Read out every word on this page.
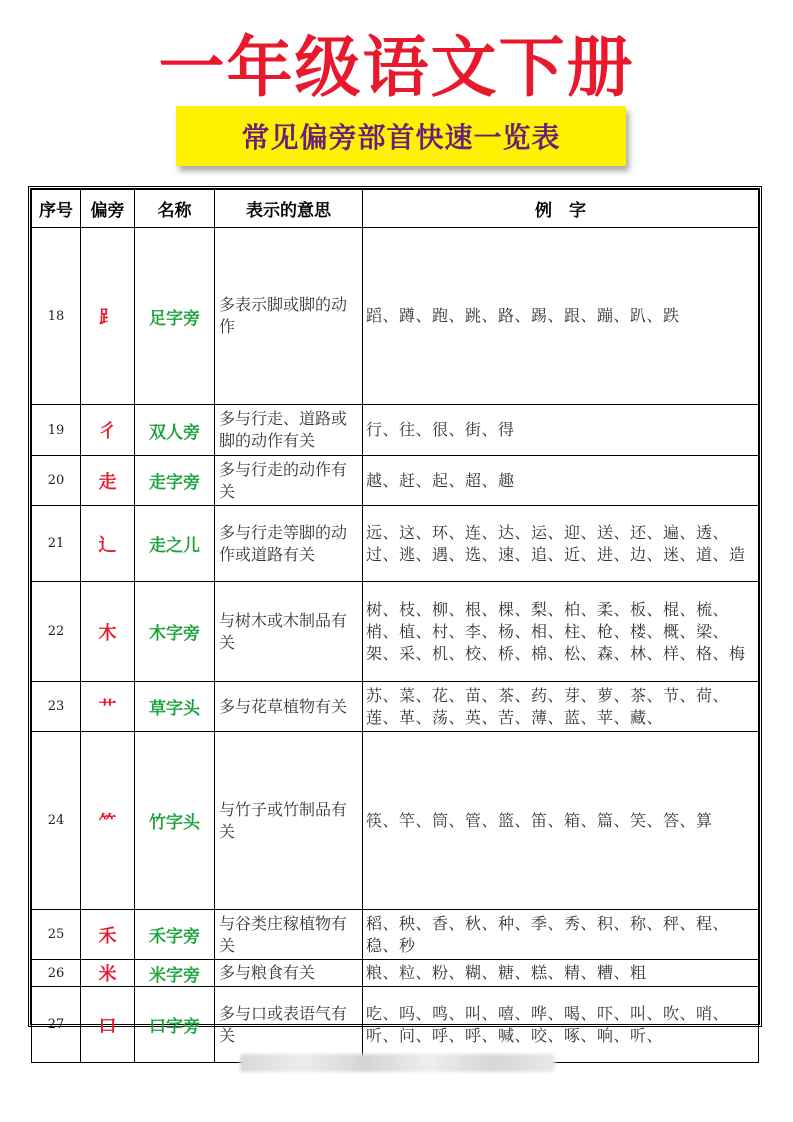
一年级语文下册
常见偏旁部首快速一览表
序号	偏旁	名称	表示的意思	例　字
18	⻊	足字旁	多表示脚或脚的动作	蹈、蹲、跑、跳、路、踢、跟、蹦、趴、跌
19	彳	双人旁	多与行走、道路或脚的动作有关	行、往、很、街、得
20	走	走字旁	多与行走的动作有关	越、赶、起、超、趣
21	辶	走之儿	多与行走等脚的动作或道路有关	远、这、环、连、达、运、迎、送、还、遍、透、过、逃、遇、选、速、追、近、进、边、迷、道、造
22	木	木字旁	与树木或木制品有关	树、枝、柳、根、棵、梨、柏、柔、板、棍、梳、梢、植、村、李、杨、相、柱、枪、楼、概、梁、架、采、机、校、桥、棉、松、森、林、样、格、梅
23	艹	草字头	多与花草植物有关	苏、菜、花、苗、茶、药、芽、萝、茶、节、荷、莲、革、荡、英、苦、薄、蓝、苹、藏、
24	⺮	竹字头	与竹子或竹制品有关	筷、竿、筒、管、篮、笛、箱、篇、笑、答、算
25	禾	禾字旁	与谷类庄稼植物有关	稻、秧、香、秋、种、季、秀、积、称、秤、程、稳、秒
26	米	米字旁	多与粮食有关	粮、粒、粉、糊、糖、糕、精、糟、粗
27	口	口字旁	多与口或表语气有关	吃、吗、鸣、叫、嘻、哗、喝、吓、叫、吹、哨、听、问、呼、呼、喊、咬、啄、响、听、
